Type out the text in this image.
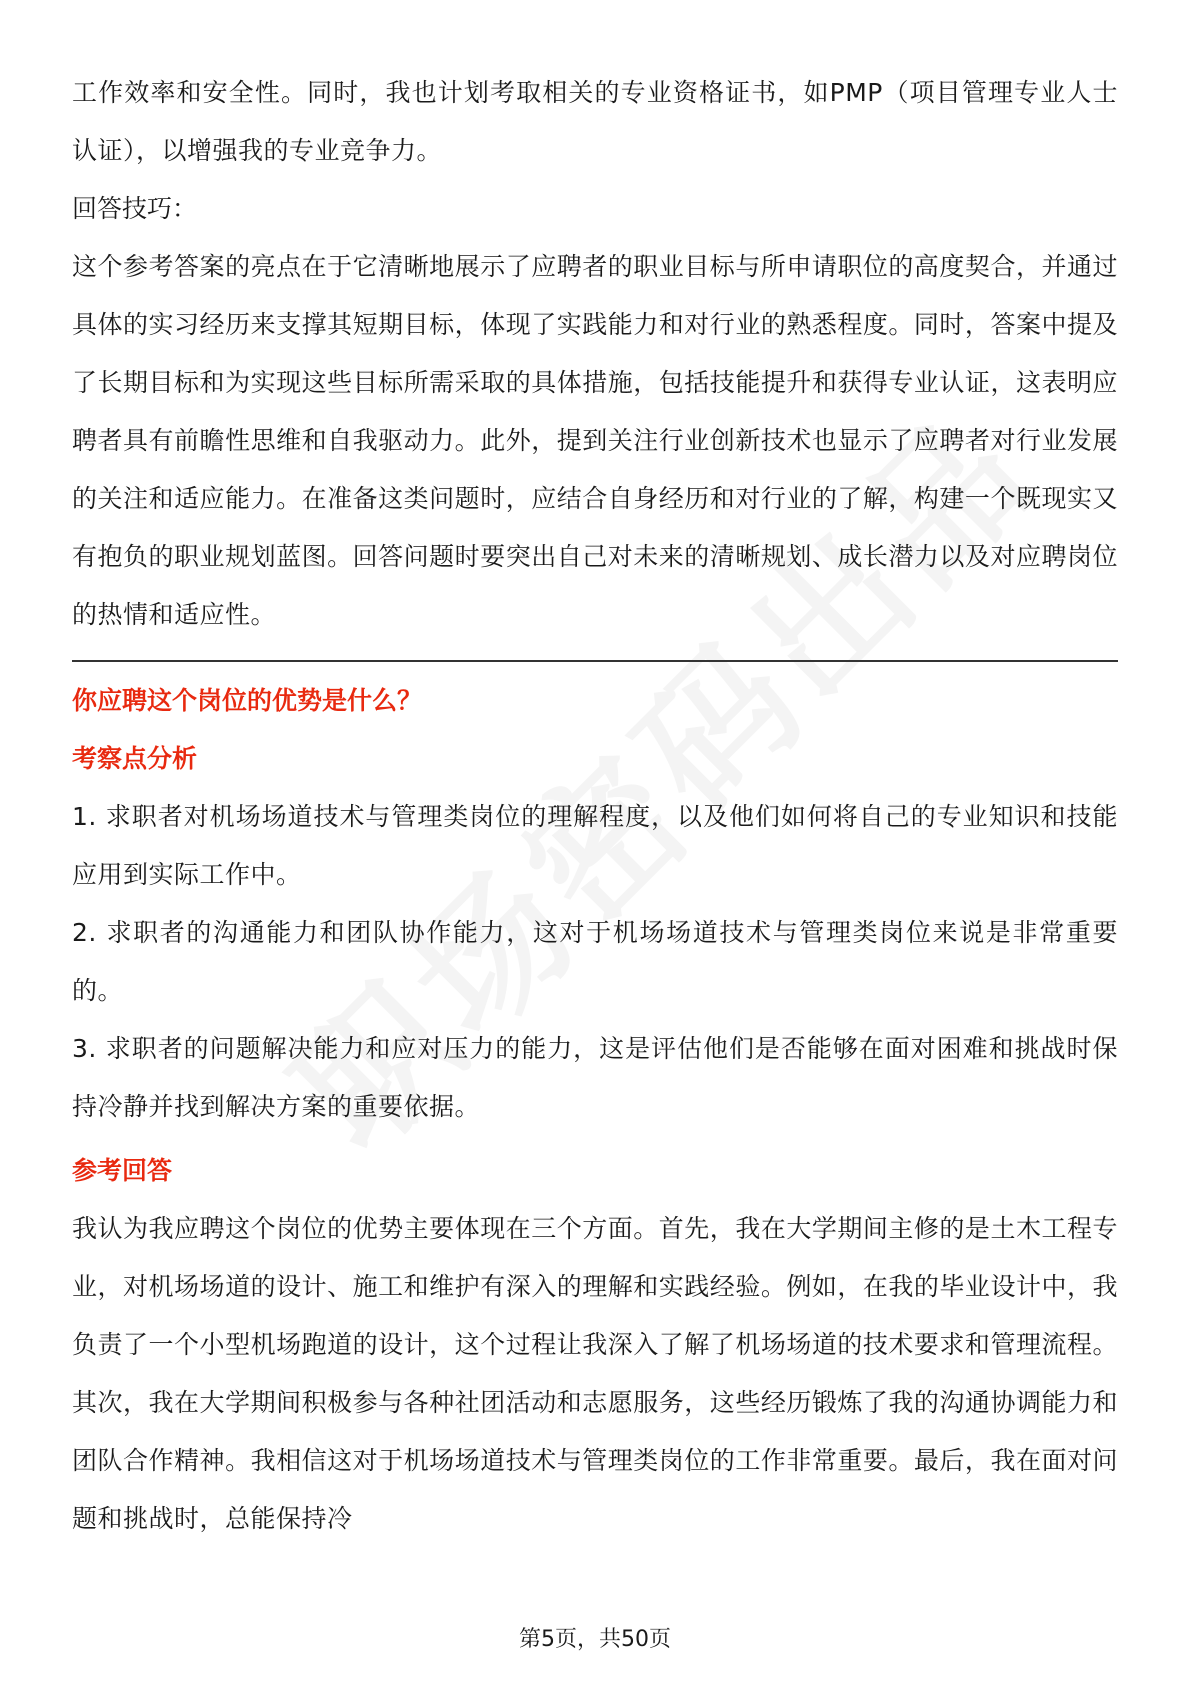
工作效率和安全性。同时，我也计划考取相关的专业资格证书，如PMP（项目管理专业人士认证），以增强我的专业竞争力。

回答技巧：

这个参考答案的亮点在于它清晰地展示了应聘者的职业目标与所申请职位的高度契合，并通过具体的实习经历来支撑其短期目标，体现了实践能力和对行业的熟悉程度。同时，答案中提及了长期目标和为实现这些目标所需采取的具体措施，包括技能提升和获得专业认证，这表明应聘者具有前瞻性思维和自我驱动力。此外，提到关注行业创新技术也显示了应聘者对行业发展的关注和适应能力。在准备这类问题时，应结合自身经历和对行业的了解，构建一个既现实又有抱负的职业规划蓝图。回答问题时要突出自己对未来的清晰规划、成长潜力以及对应聘岗位的热情和适应性。

你应聘这个岗位的优势是什么？

考察点分析

1. 求职者对机场场道技术与管理类岗位的理解程度，以及他们如何将自己的专业知识和技能应用到实际工作中。

2. 求职者的沟通能力和团队协作能力，这对于机场场道技术与管理类岗位来说是非常重要的。

3. 求职者的问题解决能力和应对压力的能力，这是评估他们是否能够在面对困难和挑战时保持冷静并找到解决方案的重要依据。

参考回答

我认为我应聘这个岗位的优势主要体现在三个方面。首先，我在大学期间主修的是土木工程专业，对机场场道的设计、施工和维护有深入的理解和实践经验。例如，在我的毕业设计中，我负责了一个小型机场跑道的设计，这个过程让我深入了解了机场场道的技术要求和管理流程。其次，我在大学期间积极参与各种社团活动和志愿服务，这些经历锻炼了我的沟通协调能力和团队合作精神。我相信这对于机场场道技术与管理类岗位的工作非常重要。最后，我在面对问题和挑战时，总能保持冷

第5页，共50页
